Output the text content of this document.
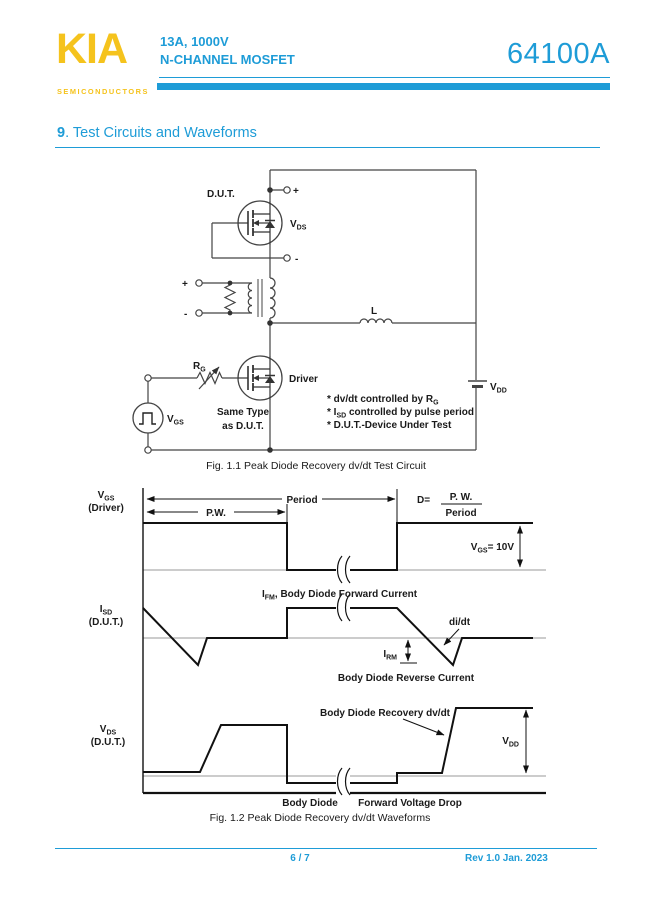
KIA
SEMICONDUCTORS
13A, 1000V
N-CHANNEL MOSFET	64100A
9. Test Circuits and Waveforms
D.U.T.	+
$V_{DS}$
-
+
-	L
$R_G$
Driver
Same Type
as D.U.T.
$V_{GS}$
$V_{DD}$
* dv/dt controlled by $R_G$
* $I_{SD}$ controlled by pulse period
* D.U.T.-Device Under Test
Fig. 1.1 Peak Diode Recovery dv/dt Test Circuit
$V_{GS}$
(Driver)
Period
P.W.
D= P. W.
Period
$V_{GS}= 10V$
$I_{SD}$
(D.U.T.)
$I_{FM}$, Body Diode Forward Current
di/dt
$I_{RM}$
Body Diode Reverse Current
$V_{DS}$
(D.U.T.)
Body Diode Recovery dv/dt
$V_{DD}$
Body Diode Forward Voltage Drop
Fig. 1.2 Peak Diode Recovery dv/dt Waveforms
6 / 7	Rev 1.0 Jan. 2023
